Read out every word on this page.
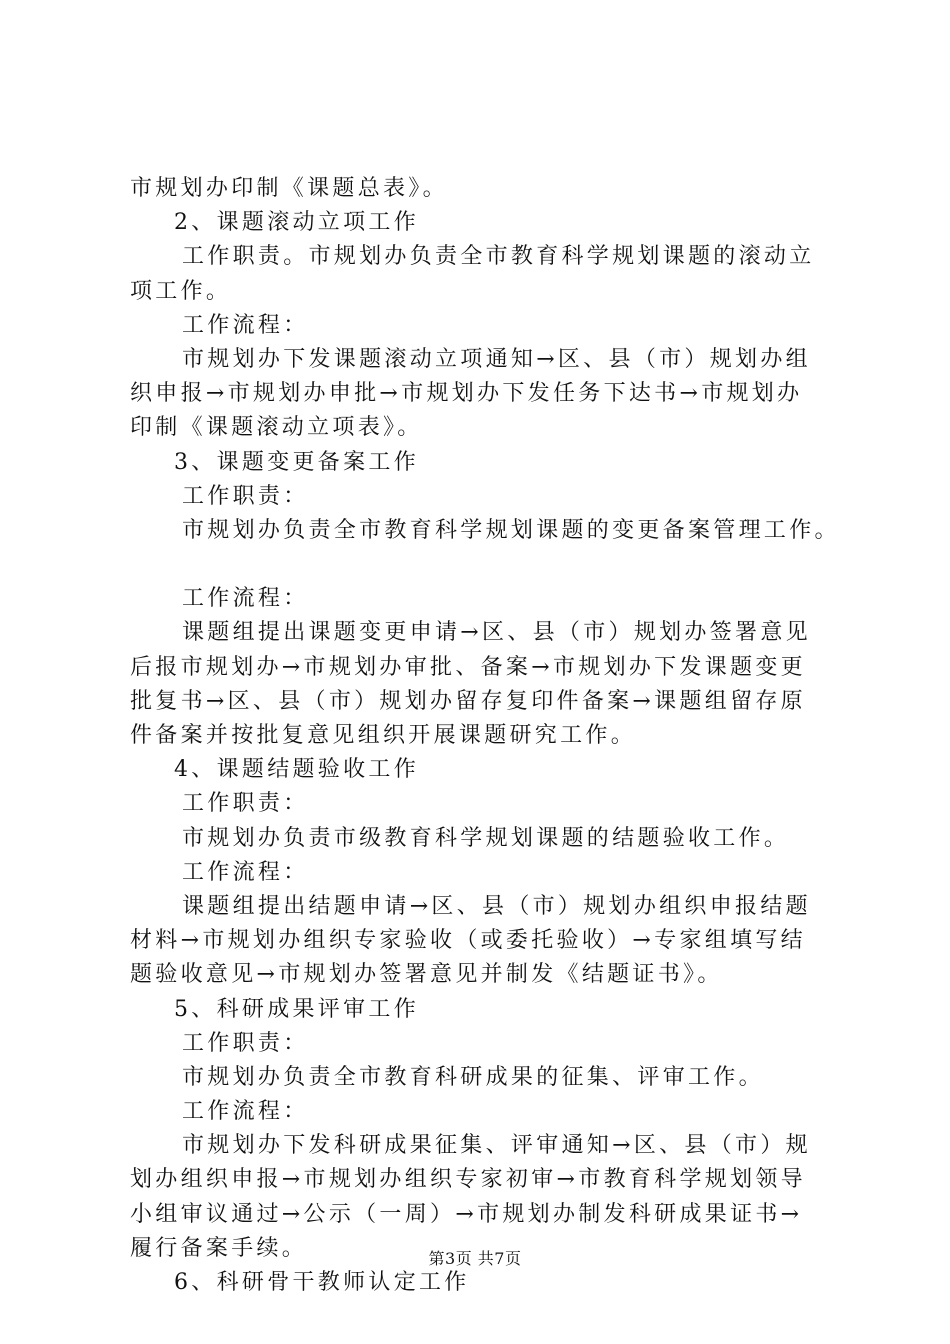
市规划办印制《课题总表》。
2、课题滚动立项工作
工作职责。市规划办负责全市教育科学规划课题的滚动立
项工作。
工作流程：
市规划办下发课题滚动立项通知→区、县（市）规划办组
织申报→市规划办申批→市规划办下发任务下达书→市规划办
印制《课题滚动立项表》。
3、课题变更备案工作
工作职责：
市规划办负责全市教育科学规划课题的变更备案管理工作。
工作流程：
课题组提出课题变更申请→区、县（市）规划办签署意见
后报市规划办→市规划办审批、备案→市规划办下发课题变更
批复书→区、县（市）规划办留存复印件备案→课题组留存原
件备案并按批复意见组织开展课题研究工作。
4、课题结题验收工作
工作职责：
市规划办负责市级教育科学规划课题的结题验收工作。
工作流程：
课题组提出结题申请→区、县（市）规划办组织申报结题
材料→市规划办组织专家验收（或委托验收）→专家组填写结
题验收意见→市规划办签署意见并制发《结题证书》。
5、科研成果评审工作
工作职责：
市规划办负责全市教育科研成果的征集、评审工作。
工作流程：
市规划办下发科研成果征集、评审通知→区、县（市）规
划办组织申报→市规划办组织专家初审→市教育科学规划领导
小组审议通过→公示（一周）→市规划办制发科研成果证书→
履行备案手续。
6、科研骨干教师认定工作
第3页 共7页
